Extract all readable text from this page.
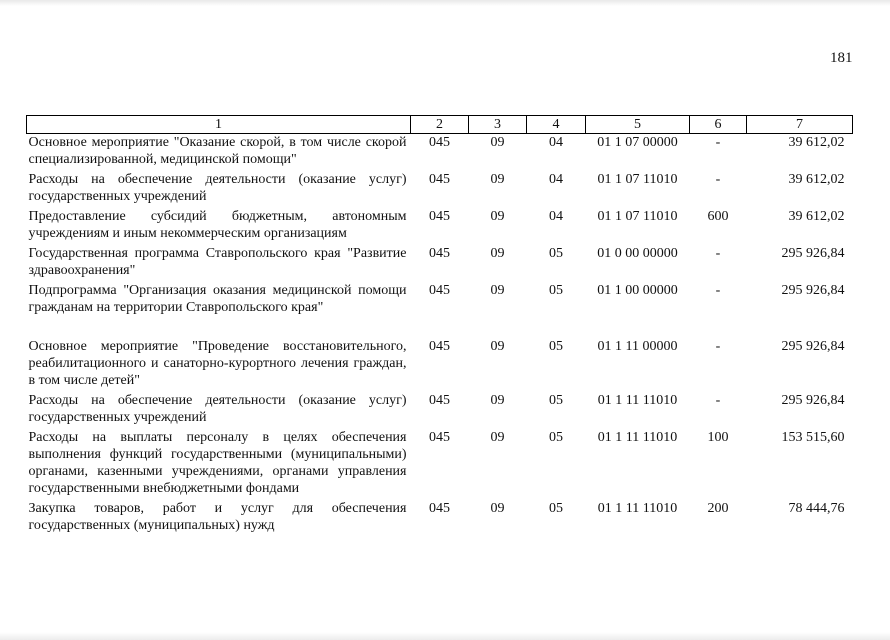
181
1	2	3	4	5	6	7
Основное мероприятие "Оказание скорой, в том числе скорой специализированной, медицинской помощи"	045	09	04	01 1 07 00000	-	39 612,02
Расходы на обеспечение деятельности (оказание услуг) государственных учреждений	045	09	04	01 1 07 11010	-	39 612,02
Предоставление субсидий бюджетным, автономным учреждениям и иным некоммерческим организациям	045	09	04	01 1 07 11010	600	39 612,02
Государственная программа Ставропольского края "Развитие здравоохранения"	045	09	05	01 0 00 00000	-	295 926,84
Подпрограмма "Организация оказания медицинской помощи гражданам на территории Ставропольского края"	045	09	05	01 1 00 00000	-	295 926,84
Основное мероприятие "Проведение восстановительного, реабилитационного и санаторно-курортного лечения граждан, в том числе детей"	045	09	05	01 1 11 00000	-	295 926,84
Расходы на обеспечение деятельности (оказание услуг) государственных учреждений	045	09	05	01 1 11 11010	-	295 926,84
Расходы на выплаты персоналу в целях обеспечения выполнения функций государственными (муниципальными) органами, казенными учреждениями, органами управления государственными внебюджетными фондами	045	09	05	01 1 11 11010	100	153 515,60
Закупка товаров, работ и услуг для обеспечения государственных (муниципальных) нужд	045	09	05	01 1 11 11010	200	78 444,76
